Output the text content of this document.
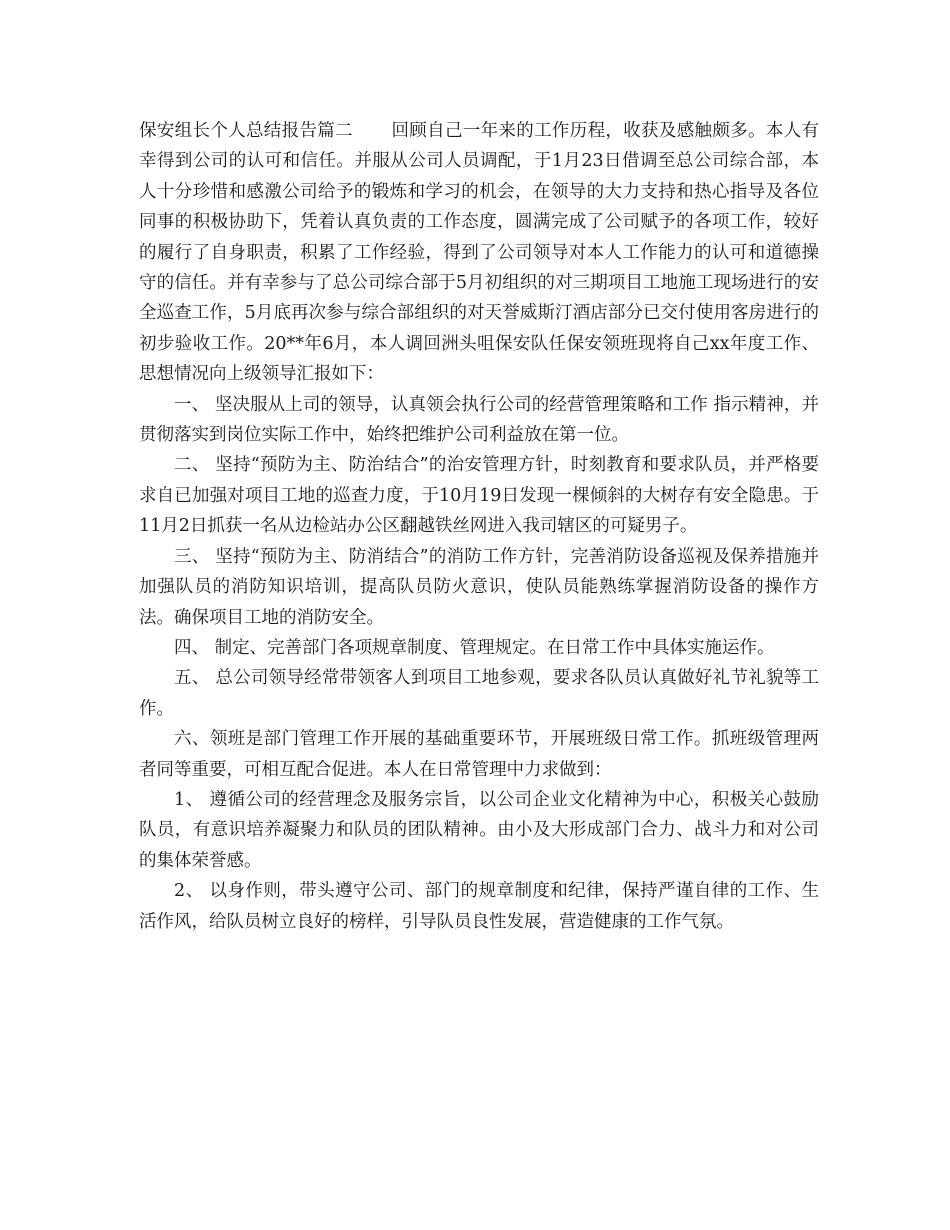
保安组长个人总结报告篇二 回顾自己一年来的工作历程，收获及感触颇多。本人有幸得到公司的认可和信任。并服从公司人员调配，于1月23日借调至总公司综合部，本人十分珍惜和感激公司给予的锻炼和学习的机会，在领导的大力支持和热心指导及各位同事的积极协助下，凭着认真负责的工作态度，圆满完成了公司赋予的各项工作，较好的履行了自身职责，积累了工作经验，得到了公司领导对本人工作能力的认可和道德操守的信任。并有幸参与了总公司综合部于5月初组织的对三期项目工地施工现场进行的安全巡查工作，5月底再次参与综合部组织的对天誉威斯汀酒店部分已交付使用客房进行的初步验收工作。20**年6月，本人调回洲头咀保安队任保安领班现将自己xx年度工作、思想情况向上级领导汇报如下：

一、 坚决服从上司的领导，认真领会执行公司的经营管理策略和工作 指示精神，并贯彻落实到岗位实际工作中，始终把维护公司利益放在第一位。

二、 坚持“预防为主、防治结合”的治安管理方针，时刻教育和要求队员，并严格要求自已加强对项目工地的巡查力度，于10月19日发现一棵倾斜的大树存有安全隐患。于11月2日抓获一名从边检站办公区翻越铁丝网进入我司辖区的可疑男子。

三、 坚持“预防为主、防消结合”的消防工作方针，完善消防设备巡视及保养措施并加强队员的消防知识培训，提高队员防火意识，使队员能熟练掌握消防设备的操作方法。确保项目工地的消防安全。

四、 制定、完善部门各项规章制度、管理规定。在日常工作中具体实施运作。

五、 总公司领导经常带领客人到项目工地参观，要求各队员认真做好礼节礼貌等工作。

六、领班是部门管理工作开展的基础重要环节，开展班级日常工作。抓班级管理两者同等重要，可相互配合促进。本人在日常管理中力求做到：

1、 遵循公司的经营理念及服务宗旨，以公司企业文化精神为中心，积极关心鼓励队员，有意识培养凝聚力和队员的团队精神。由小及大形成部门合力、战斗力和对公司的集体荣誉感。

2、 以身作则，带头遵守公司、部门的规章制度和纪律，保持严谨自律的工作、生活作风，给队员树立良好的榜样，引导队员良性发展，营造健康的工作气氛。
